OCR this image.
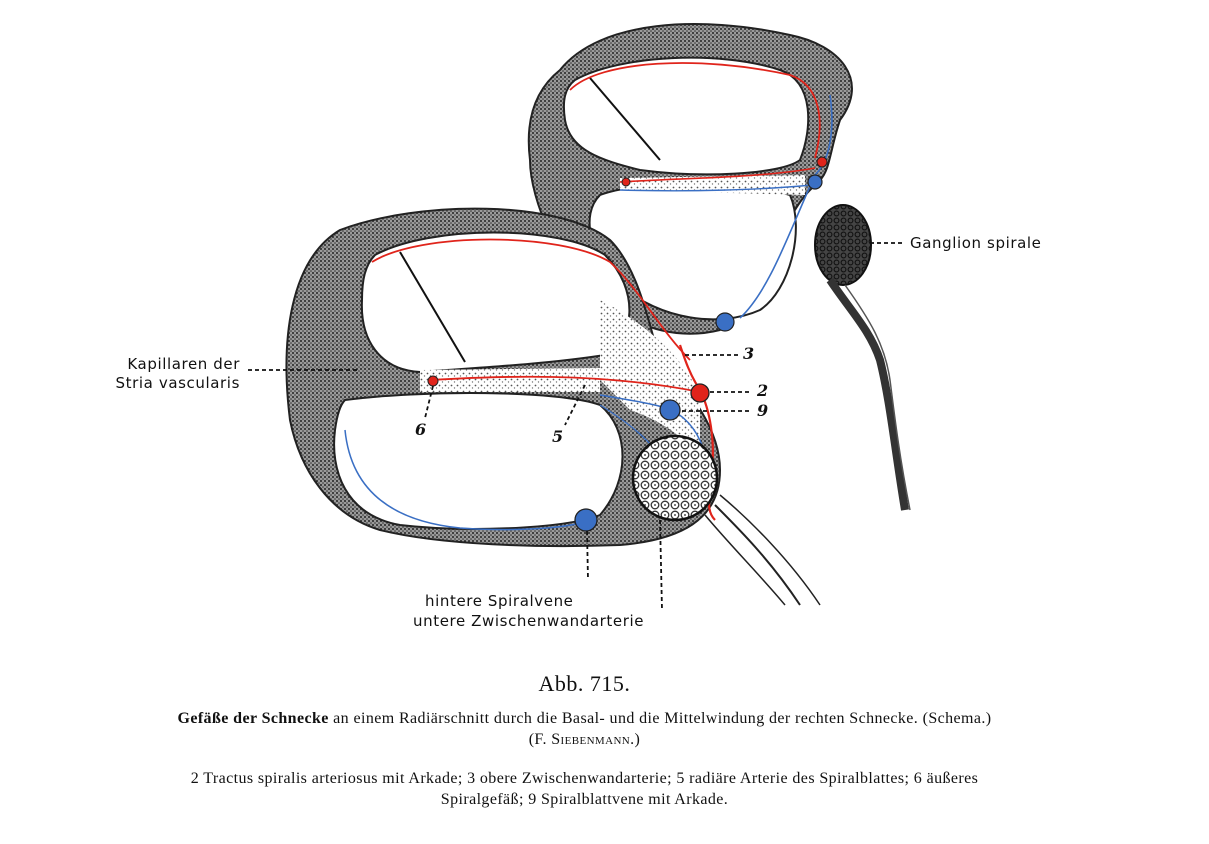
Ganglion spirale
Kapillaren der
Stria vascularis
hintere Spiralvene
untere Zwischenwandarterie
3
2
9
6	5
Abb. 715.
Gefäße der Schnecke an einem Radiärschnitt durch die Basal- und die Mittelwindung der rechten Schnecke. (Schema.)
(F. Siebenmann.)
2 Tractus spiralis arteriosus mit Arkade; 3 obere Zwischenwandarterie; 5 radiäre Arterie des Spiralblattes; 6 äußeres
Spiralgefäß; 9 Spiralblattvene mit Arkade.
